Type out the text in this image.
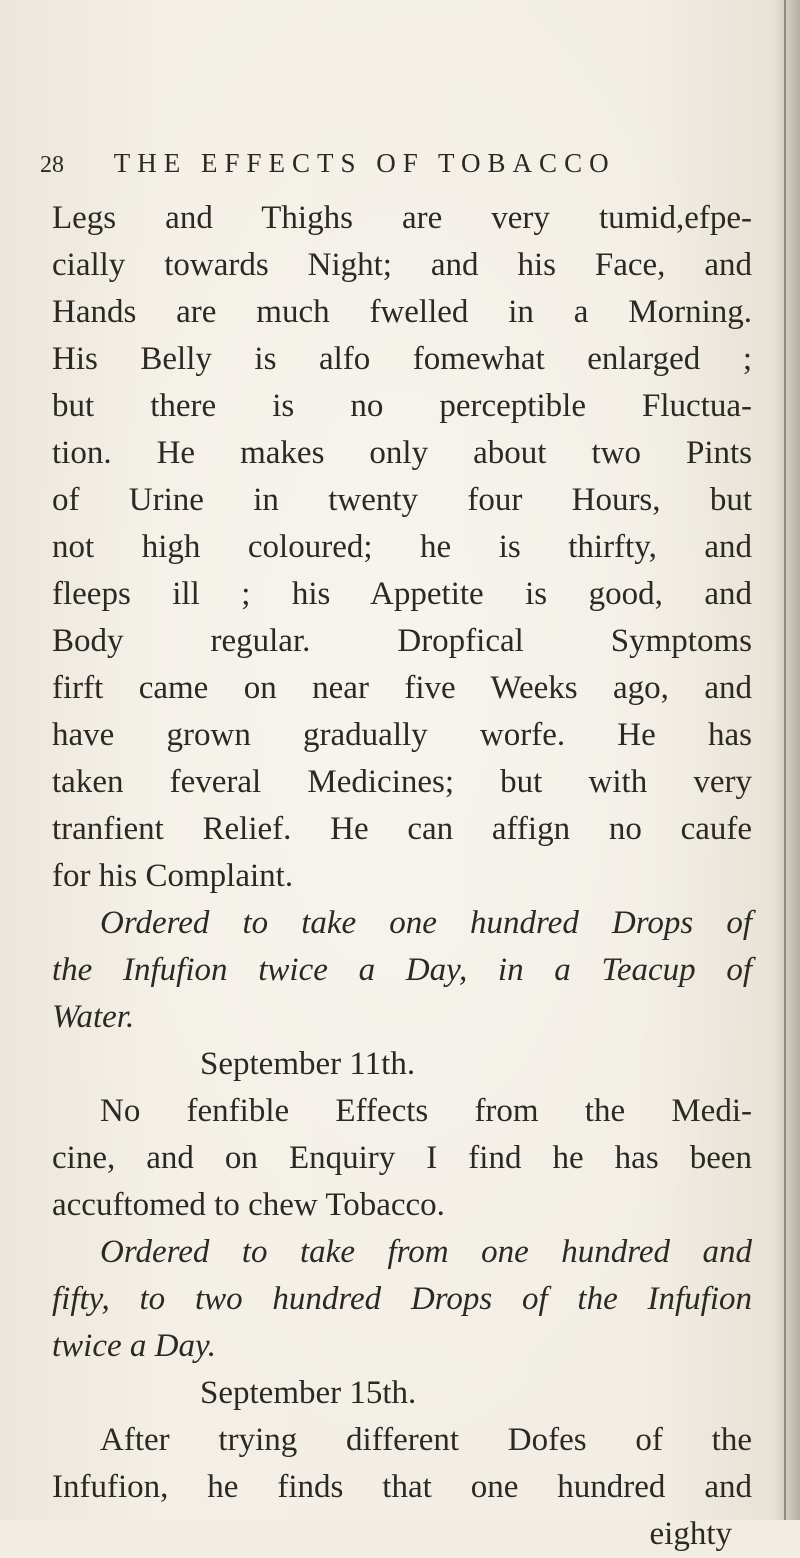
28 THE EFFECTS OF TOBACCO
Legs and Thighs are very tumid,efpe-
cially towards Night; and his Face, and
Hands are much fwelled in a Morning.
His Belly is alfo fomewhat enlarged ;
but there is no perceptible Fluctua-
tion. He makes only about two Pints
of Urine in twenty four Hours, but
not high coloured; he is thirfty, and
fleeps ill ; his Appetite is good, and
Body regular. Dropfical Symptoms
firft came on near five Weeks ago, and
have grown gradually worfe. He has
taken feveral Medicines; but with very
tranfient Relief. He can affign no caufe
for his Complaint.
Ordered to take one hundred Drops of
the Infufion twice a Day, in a Teacup of
Water.
September 11th.
No fenfible Effects from the Medi-
cine, and on Enquiry I find he has been
accuftomed to chew Tobacco.
Ordered to take from one hundred and
fifty, to two hundred Drops of the Infufion
twice a Day.
September 15th.
After trying different Dofes of the
Infufion, he finds that one hundred and
eighty
